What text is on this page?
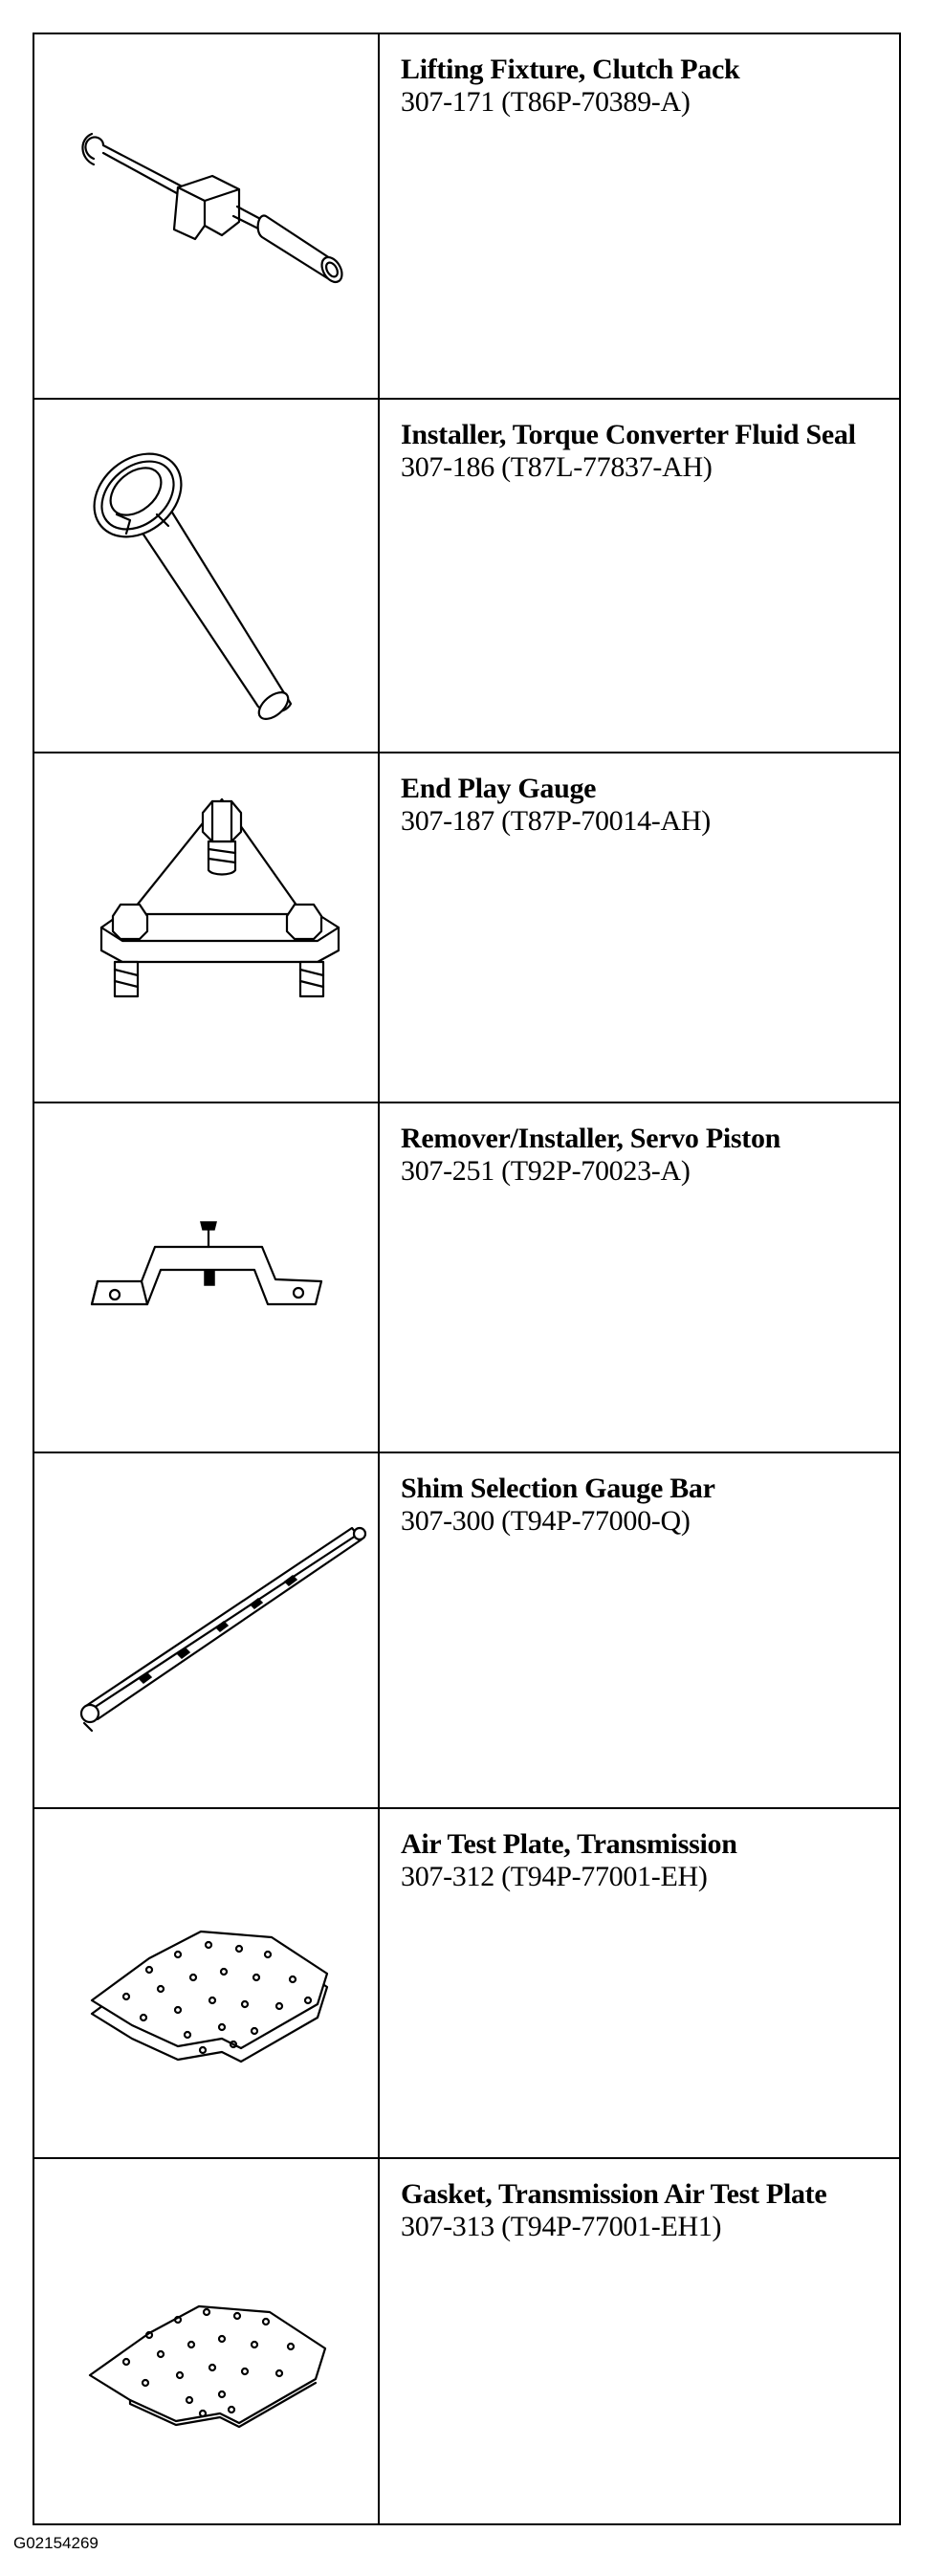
Lifting Fixture, Clutch Pack
307-171 (T86P-70389-A)

Installer, Torque Converter Fluid Seal
307-186 (T87L-77837-AH)

End Play Gauge
307-187 (T87P-70014-AH)

Remover/Installer, Servo Piston
307-251 (T92P-70023-A)

Shim Selection Gauge Bar
307-300 (T94P-77000-Q)

Air Test Plate, Transmission
307-312 (T94P-77001-EH)

Gasket, Transmission Air Test Plate
307-313 (T94P-77001-EH1)
G02154269
